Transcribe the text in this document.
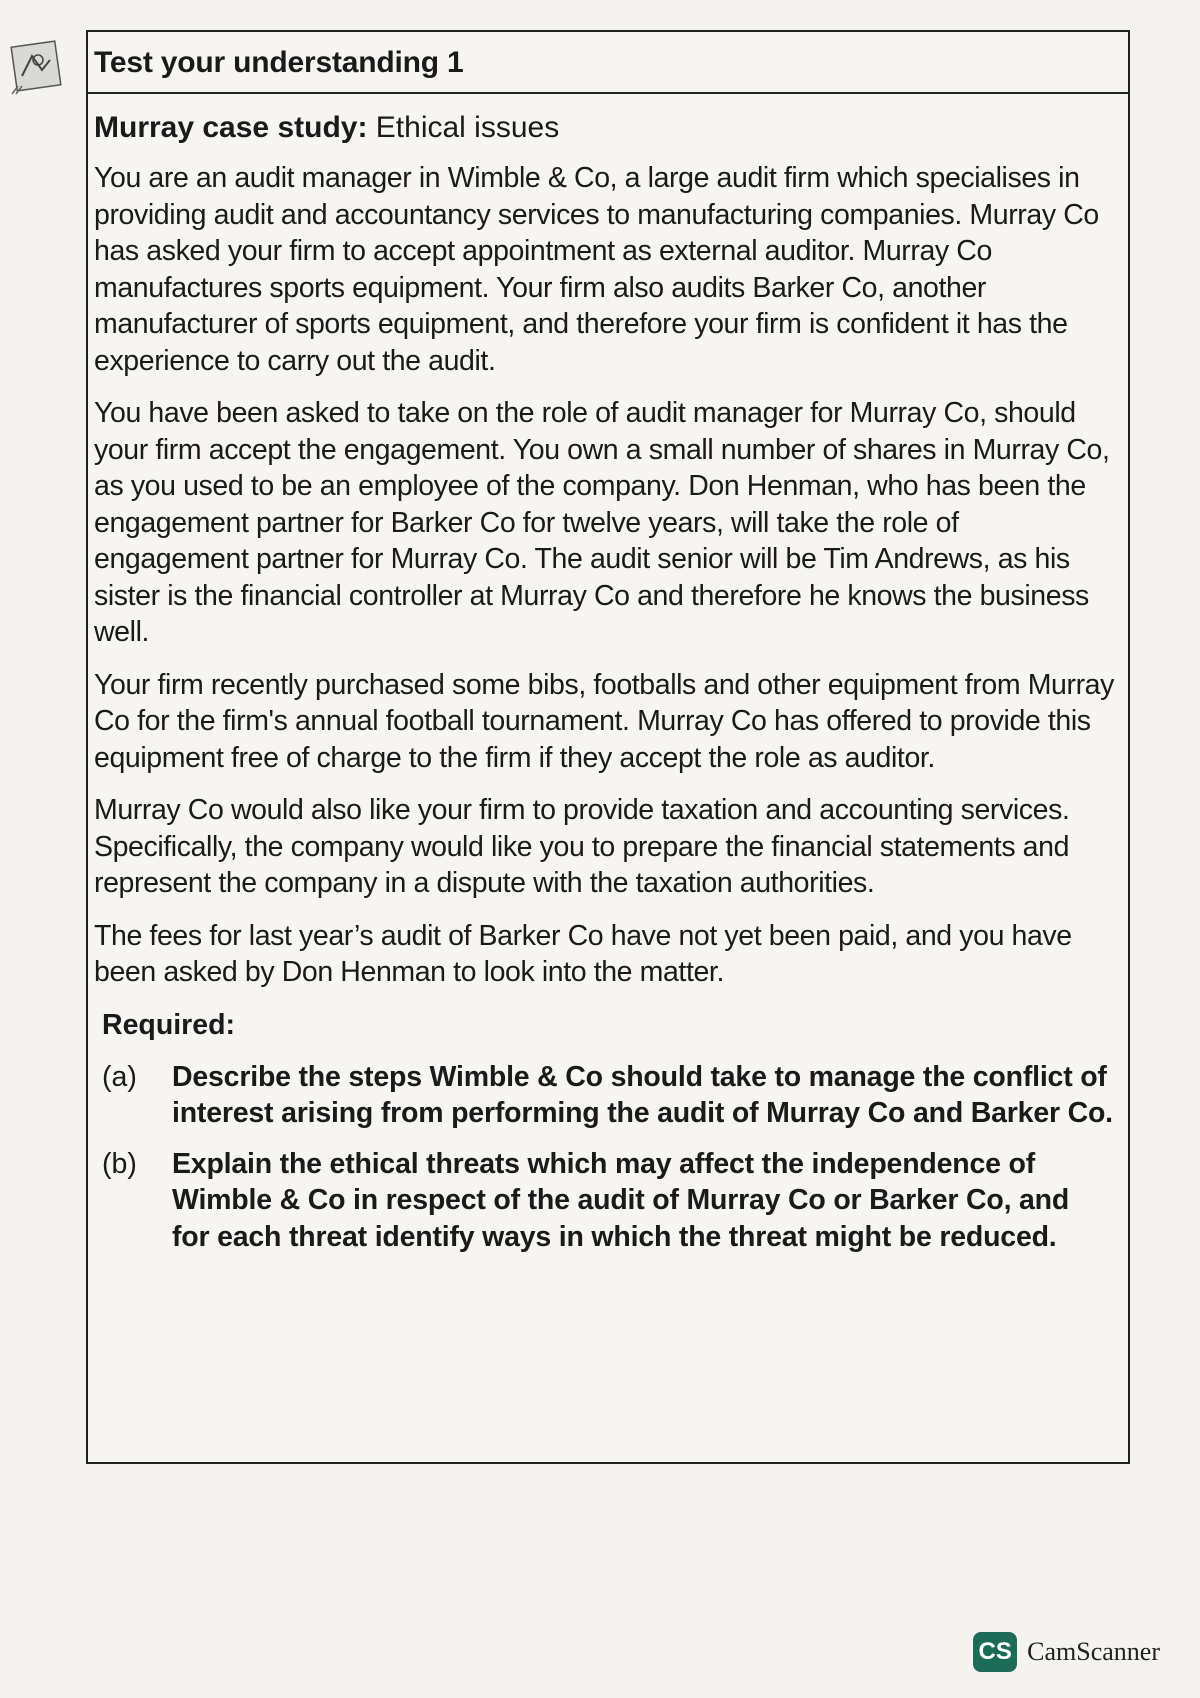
Test your understanding 1
Murray case study: Ethical issues

You are an audit manager in Wimble & Co, a large audit firm which specialises in providing audit and accountancy services to manufacturing companies. Murray Co has asked your firm to accept appointment as external auditor. Murray Co manufactures sports equipment. Your firm also audits Barker Co, another manufacturer of sports equipment, and therefore your firm is confident it has the experience to carry out the audit.

You have been asked to take on the role of audit manager for Murray Co, should your firm accept the engagement. You own a small number of shares in Murray Co, as you used to be an employee of the company. Don Henman, who has been the engagement partner for Barker Co for twelve years, will take the role of engagement partner for Murray Co. The audit senior will be Tim Andrews, as his sister is the financial controller at Murray Co and therefore he knows the business well.

Your firm recently purchased some bibs, footballs and other equipment from Murray Co for the firm's annual football tournament. Murray Co has offered to provide this equipment free of charge to the firm if they accept the role as auditor.

Murray Co would also like your firm to provide taxation and accounting services. Specifically, the company would like you to prepare the financial statements and represent the company in a dispute with the taxation authorities.

The fees for last year’s audit of Barker Co have not yet been paid, and you have been asked by Don Henman to look into the matter.

Required:
(a)	Describe the steps Wimble & Co should take to manage the conflict of interest arising from performing the audit of Murray Co and Barker Co.
(b)	Explain the ethical threats which may affect the independence of Wimble & Co in respect of the audit of Murray Co or Barker Co, and for each threat identify ways in which the threat might be reduced.
CS CamScanner
